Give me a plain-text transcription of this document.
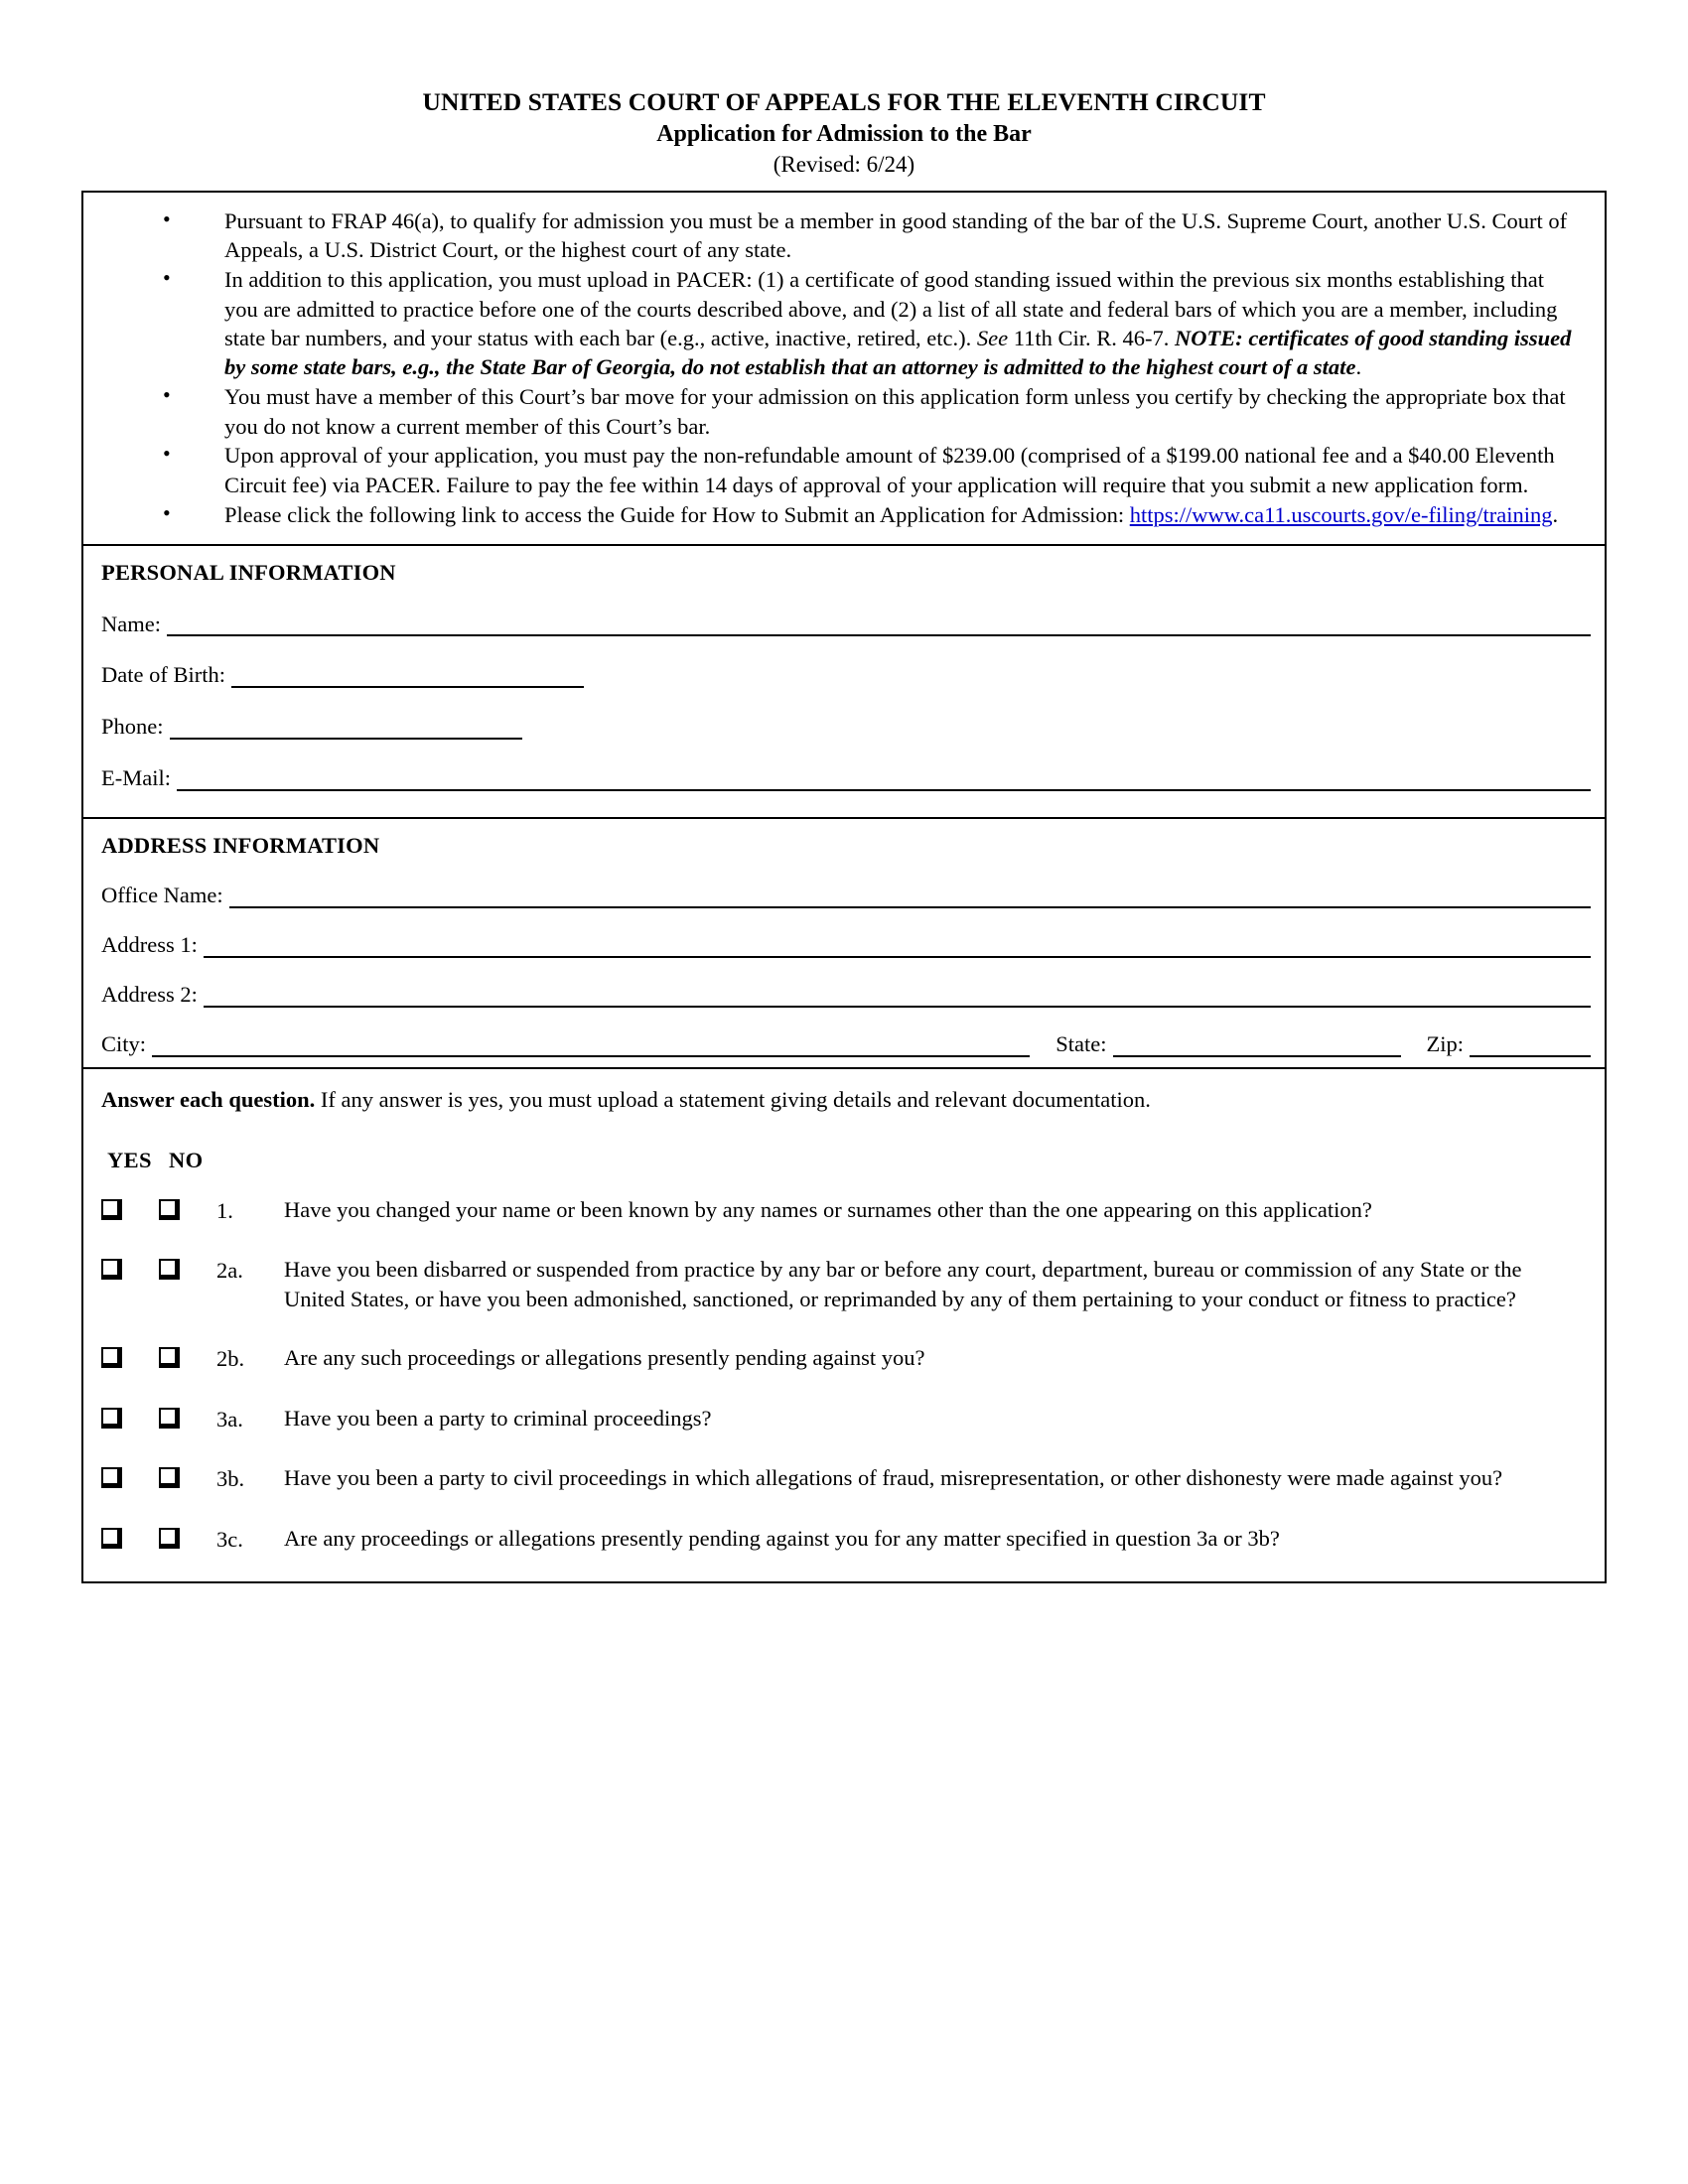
UNITED STATES COURT OF APPEALS FOR THE ELEVENTH CIRCUIT
Application for Admission to the Bar
(Revised: 6/24)
• Pursuant to FRAP 46(a), to qualify for admission you must be a member in good standing of the bar of the U.S. Supreme Court, another U.S. Court of Appeals, a U.S. District Court, or the highest court of any state.
• In addition to this application, you must upload in PACER: (1) a certificate of good standing issued within the previous six months establishing that you are admitted to practice before one of the courts described above, and (2) a list of all state and federal bars of which you are a member, including state bar numbers, and your status with each bar (e.g., active, inactive, retired, etc.). See 11th Cir. R. 46-7. NOTE: certificates of good standing issued by some state bars, e.g., the State Bar of Georgia, do not establish that an attorney is admitted to the highest court of a state.
• You must have a member of this Court’s bar move for your admission on this application form unless you certify by checking the appropriate box that you do not know a current member of this Court’s bar.
• Upon approval of your application, you must pay the non-refundable amount of $239.00 (comprised of a $199.00 national fee and a $40.00 Eleventh Circuit fee) via PACER. Failure to pay the fee within 14 days of approval of your application will require that you submit a new application form.
• Please click the following link to access the Guide for How to Submit an Application for Admission: https://www.ca11.uscourts.gov/e-filing/training.
PERSONAL INFORMATION
Name:
Date of Birth:
Phone:
E-Mail:
ADDRESS INFORMATION
Office Name:
Address 1:
Address 2:
City:	State:	Zip:
Answer each question. If any answer is yes, you must upload a statement giving details and relevant documentation.
YES NO
1.	Have you changed your name or been known by any names or surnames other than the one appearing on this application?
2a.	Have you been disbarred or suspended from practice by any bar or before any court, department, bureau or commission of any State or the United States, or have you been admonished, sanctioned, or reprimanded by any of them pertaining to your conduct or fitness to practice?
2b.	Are any such proceedings or allegations presently pending against you?
3a.	Have you been a party to criminal proceedings?
3b.	Have you been a party to civil proceedings in which allegations of fraud, misrepresentation, or other dishonesty were made against you?
3c.	Are any proceedings or allegations presently pending against you for any matter specified in question 3a or 3b?
